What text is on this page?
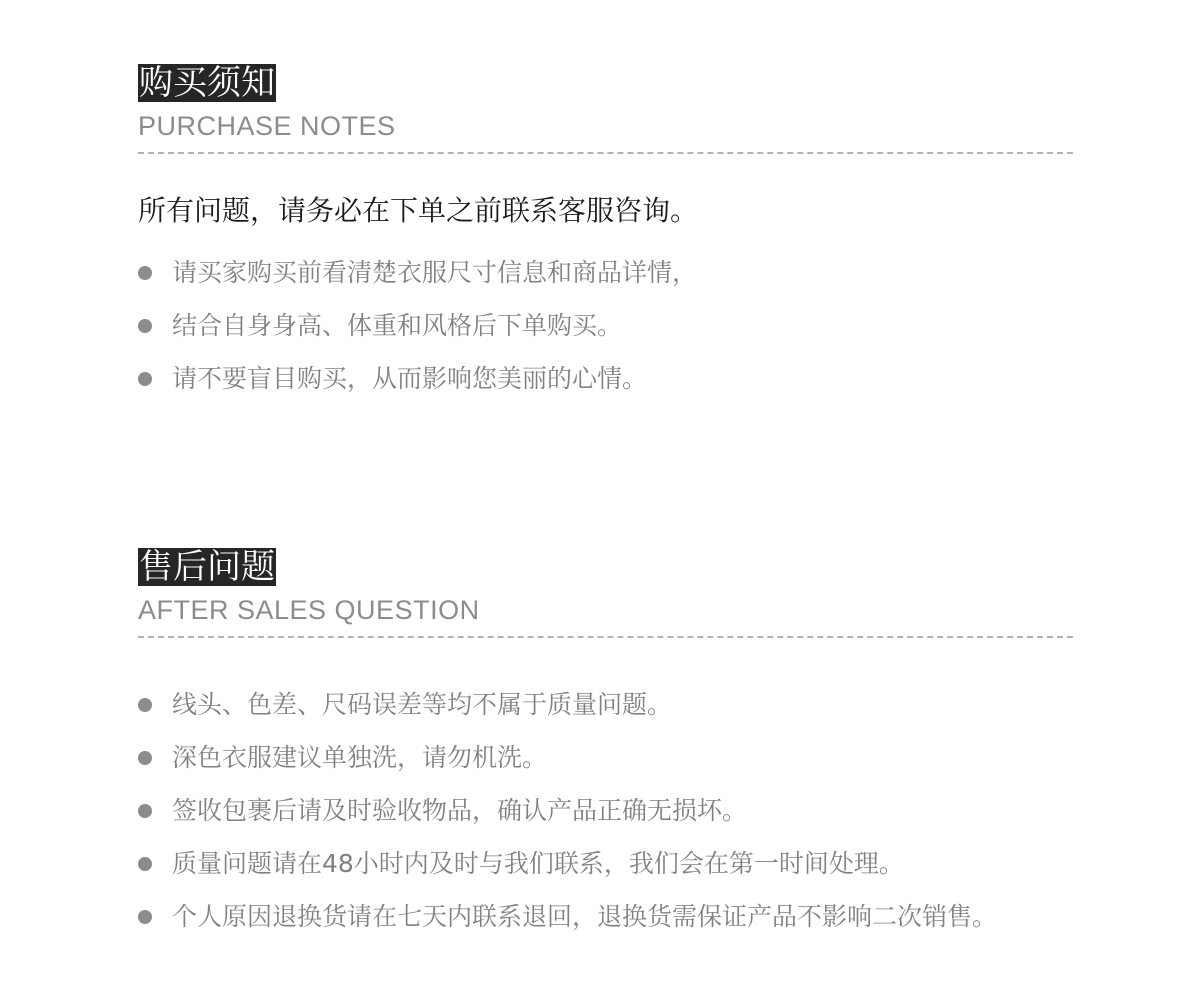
购买须知
PURCHASE NOTES
所有问题，请务必在下单之前联系客服咨询。
请买家购买前看清楚衣服尺寸信息和商品详情，
结合自身身高、体重和风格后下单购买。
请不要盲目购买，从而影响您美丽的心情。
售后问题
AFTER SALES QUESTION
线头、色差、尺码误差等均不属于质量问题。
深色衣服建议单独洗，请勿机洗。
签收包裹后请及时验收物品，确认产品正确无损坏。
质量问题请在48小时内及时与我们联系，我们会在第一时间处理。
个人原因退换货请在七天内联系退回，退换货需保证产品不影响二次销售。
